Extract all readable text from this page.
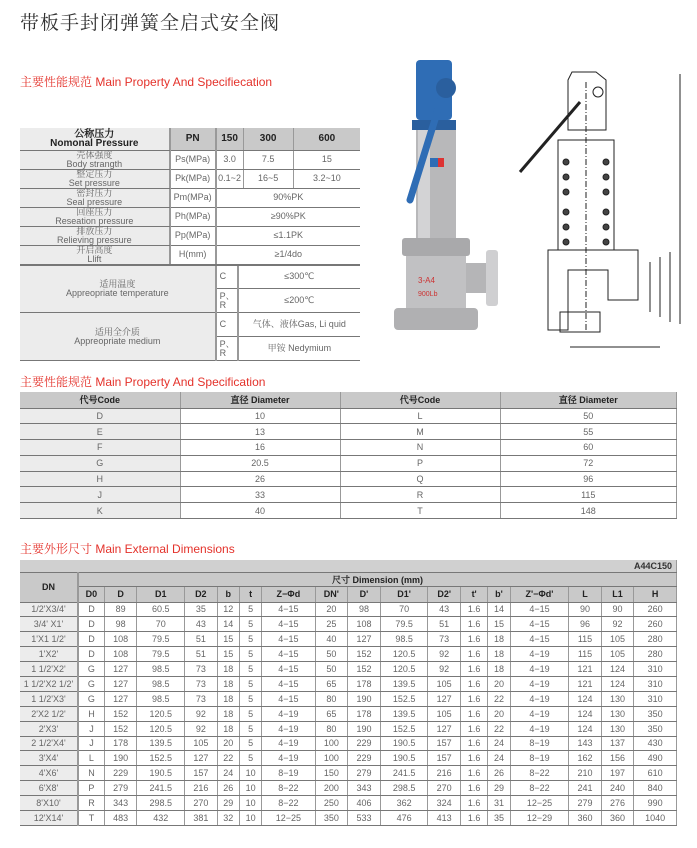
带板手封闭弹簧全启式安全阀
主要性能规范 Main Property And Specifiecation
公称压力
Nomonal Pressure	PN	150		300	600

壳体强度
Body strangth	Ps(MPa)	3.0		7.5	15

整定压力
Set pressure	Pk(MPa)	0.1~2		16~5	3.2~10

密封压力
Seal pressure	Pm(MPa)	90%PK			

回座压力
Reseation pressure	Ph(MPa)	≥90%PK			

排放压力
Relieving pressure	Pp(MPa)	≤1.1PK			

开启高度
Llift	H(mm)	≥1/4do			

适用温度
Appreopriate temperature		C	≤300℃		
		P、R	≤200℃		

适用全介质
Appreopriate medium		C	气体、液体Gas, Li quid		
		P、R	甲铵 Nedymium		
3-A4
900Lb
主要性能规范 Main Property And Specification
代号Code	直径 Diameter	代号Code	直径 Diameter
D	10	L	50
E	13	M	55
F	16	N	60
G	20.5	P	72
H	26	Q	96
J	33	R	115
K	40	T	148
主要外形尺寸 Main External Dimensions
A44C150																	
DN	尺寸 Dimension (mm)																
	D0	D	D1	D2	b	t	Z−Φd	DN'	D'	D1'	D2'	t'	b'	Z'−Φd'	L	L1	H
1/2'X3/4'	D	89	60.5	35	12	5	4−15	20	98	70	43	1.6	14	4−15	90	90	260
3/4' X1'	D	98	70	43	14	5	4−15	25	108	79.5	51	1.6	15	4−15	96	92	260
1'X1 1/2'	D	108	79.5	51	15	5	4−15	40	127	98.5	73	1.6	18	4−15	115	105	280
1'X2'	D	108	79.5	51	15	5	4−15	50	152	120.5	92	1.6	18	4−19	115	105	280
1 1/2'X2'	G	127	98.5	73	18	5	4−15	50	152	120.5	92	1.6	18	4−19	121	124	310
1 1/2'X2 1/2'	G	127	98.5	73	18	5	4−15	65	178	139.5	105	1.6	20	4−19	121	124	310
1 1/2'X3'	G	127	98.5	73	18	5	4−15	80	190	152.5	127	1.6	22	4−19	124	130	310
2'X2 1/2'	H	152	120.5	92	18	5	4−19	65	178	139.5	105	1.6	20	4−19	124	130	350
2'X3'	J	152	120.5	92	18	5	4−19	80	190	152.5	127	1.6	22	4−19	124	130	350
2 1/2'X4'	J	178	139.5	105	20	5	4−19	100	229	190.5	157	1.6	24	8−19	143	137	430
3'X4'	L	190	152.5	127	22	5	4−19	100	229	190.5	157	1.6	24	8−19	162	156	490
4'X6'	N	229	190.5	157	24	10	8−19	150	279	241.5	216	1.6	26	8−22	210	197	610
6'X8'	P	279	241.5	216	26	10	8−22	200	343	298.5	270	1.6	29	8−22	241	240	840
8'X10'	R	343	298.5	270	29	10	8−22	250	406	362	324	1.6	31	12−25	279	276	990
12'X14'	T	483	432	381	32	10	12−25	350	533	476	413	1.6	35	12−29	360	360	1040
